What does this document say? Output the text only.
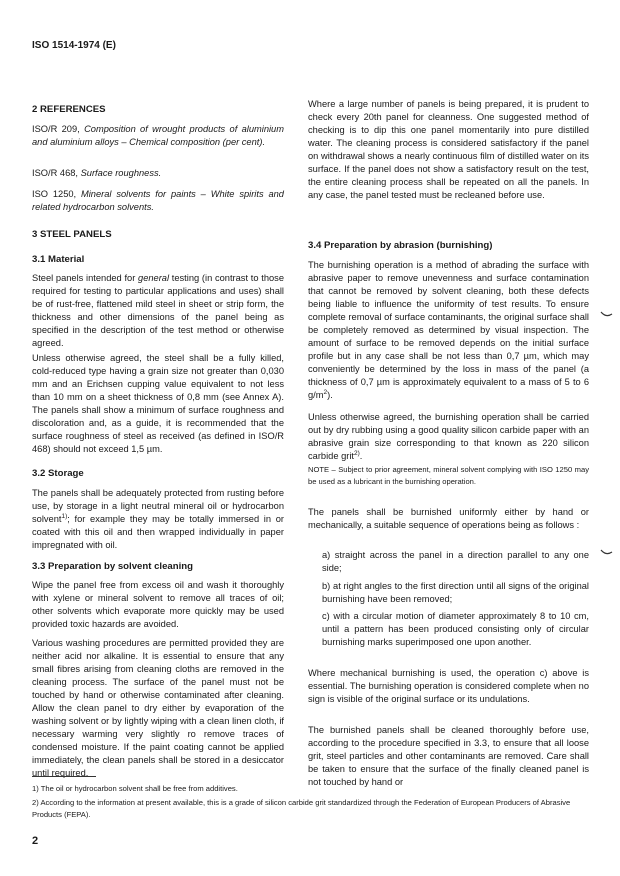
ISO 1514-1974 (E)
2 REFERENCES
ISO/R 209, Composition of wrought products of aluminium and aluminium alloys – Chemical composition (per cent).
ISO/R 468, Surface roughness.
ISO 1250, Mineral solvents for paints – White spirits and related hydrocarbon solvents.
3 STEEL PANELS
3.1 Material
Steel panels intended for general testing (in contrast to those required for testing to particular applications and uses) shall be of rust-free, flattened mild steel in sheet or strip form, the thickness and other dimensions of the panel being as specified in the description of the test method or otherwise agreed.
Unless otherwise agreed, the steel shall be a fully killed, cold-reduced type having a grain size not greater than 0,030 mm and an Erichsen cupping value equivalent to not less than 10 mm on a sheet thickness of 0,8 mm (see Annex A). The panels shall show a minimum of surface roughness and discoloration and, as a guide, it is recommended that the surface roughness of steel as received (as defined in ISO/R 468) should not exceed 1,5 µm.
3.2 Storage
The panels shall be adequately protected from rusting before use, by storage in a light neutral mineral oil or hydrocarbon solvent$^{1)}$; for example they may be totally immersed in or coated with this oil and then wrapped individually in paper impregnated with oil.
3.3 Preparation by solvent cleaning
Wipe the panel free from excess oil and wash it thoroughly with xylene or mineral solvent to remove all traces of oil; other solvents which evaporate more quickly may be used provided toxic hazards are avoided.
Various washing procedures are permitted provided they are neither acid nor alkaline. It is essential to ensure that any small fibres arising from cleaning cloths are removed in the cleaning process. The surface of the panel must not be touched by hand or otherwise contaminated after cleaning. Allow the clean panel to dry either by evaporation of the washing solvent or by lightly wiping with a clean linen cloth, if necessary warming very slightly ro remove traces of condensed moisture. If the paint coating cannot be applied immediately, the clean panels shall be stored in a desiccator until required.
Where a large number of panels is being prepared, it is prudent to check every 20th panel for cleanness. One suggested method of checking is to dip this one panel momentarily into pure distilled water. The cleaning process is considered satisfactory if the panel on withdrawal shows a nearly continuous film of distilled water on its surface. If the panel does not show a satisfactory result on the test, the entire cleaning process shall be repeated on all the panels. In any case, the panel tested must be recleaned before use.
3.4 Preparation by abrasion (burnishing)
The burnishing operation is a method of abrading the surface with abrasive paper to remove unevenness and surface contamination that cannot be removed by solvent cleaning, both these defects being liable to influence the uniformity of test results. To ensure complete removal of surface contaminants, the original surface shall be completely removed as determined by visual inspection. The amount of surface to be removed depends on the initial surface profile but in any case shall be not less than 0,7 µm, which may conveniently be determined by the loss in mass of the panel (a thickness of 0,7 µm is approximately equivalent to a mass of 5 to 6 $g/m^2$).
Unless otherwise agreed, the burnishing operation shall be carried out by dry rubbing using a good quality silicon carbide paper with an abrasive grain size corresponding to that known as 220 silicon carbide grit$^{2)}$.
NOTE – Subject to prior agreement, mineral solvent complying with ISO 1250 may be used as a lubricant in the burnishing operation.
The panels shall be burnished uniformly either by hand or mechanically, a suitable sequence of operations being as follows :
a) straight across the panel in a direction parallel to any one side;
b) at right angles to the first direction until all signs of the original burnishing have been removed;
c) with a circular motion of diameter approximately 8 to 10 cm, until a pattern has been produced consisting only of circular burnishing marks superimposed one upon another.
Where mechanical burnishing is used, the operation c) above is essential. The burnishing operation is considered complete when no sign is visible of the original surface or its undulations.
The burnished panels shall be cleaned thoroughly before use, according to the procedure specified in 3.3, to ensure that all loose grit, steel particles and other contaminants are removed. Care shall be taken to ensure that the surface of the finally cleaned panel is not touched by hand or
1) The oil or hydrocarbon solvent shall be free from additives.
2) According to the information at present available, this is a grade of silicon carbide grit standardized through the Federation of European Producers of Abrasive Products (FEPA).
2
